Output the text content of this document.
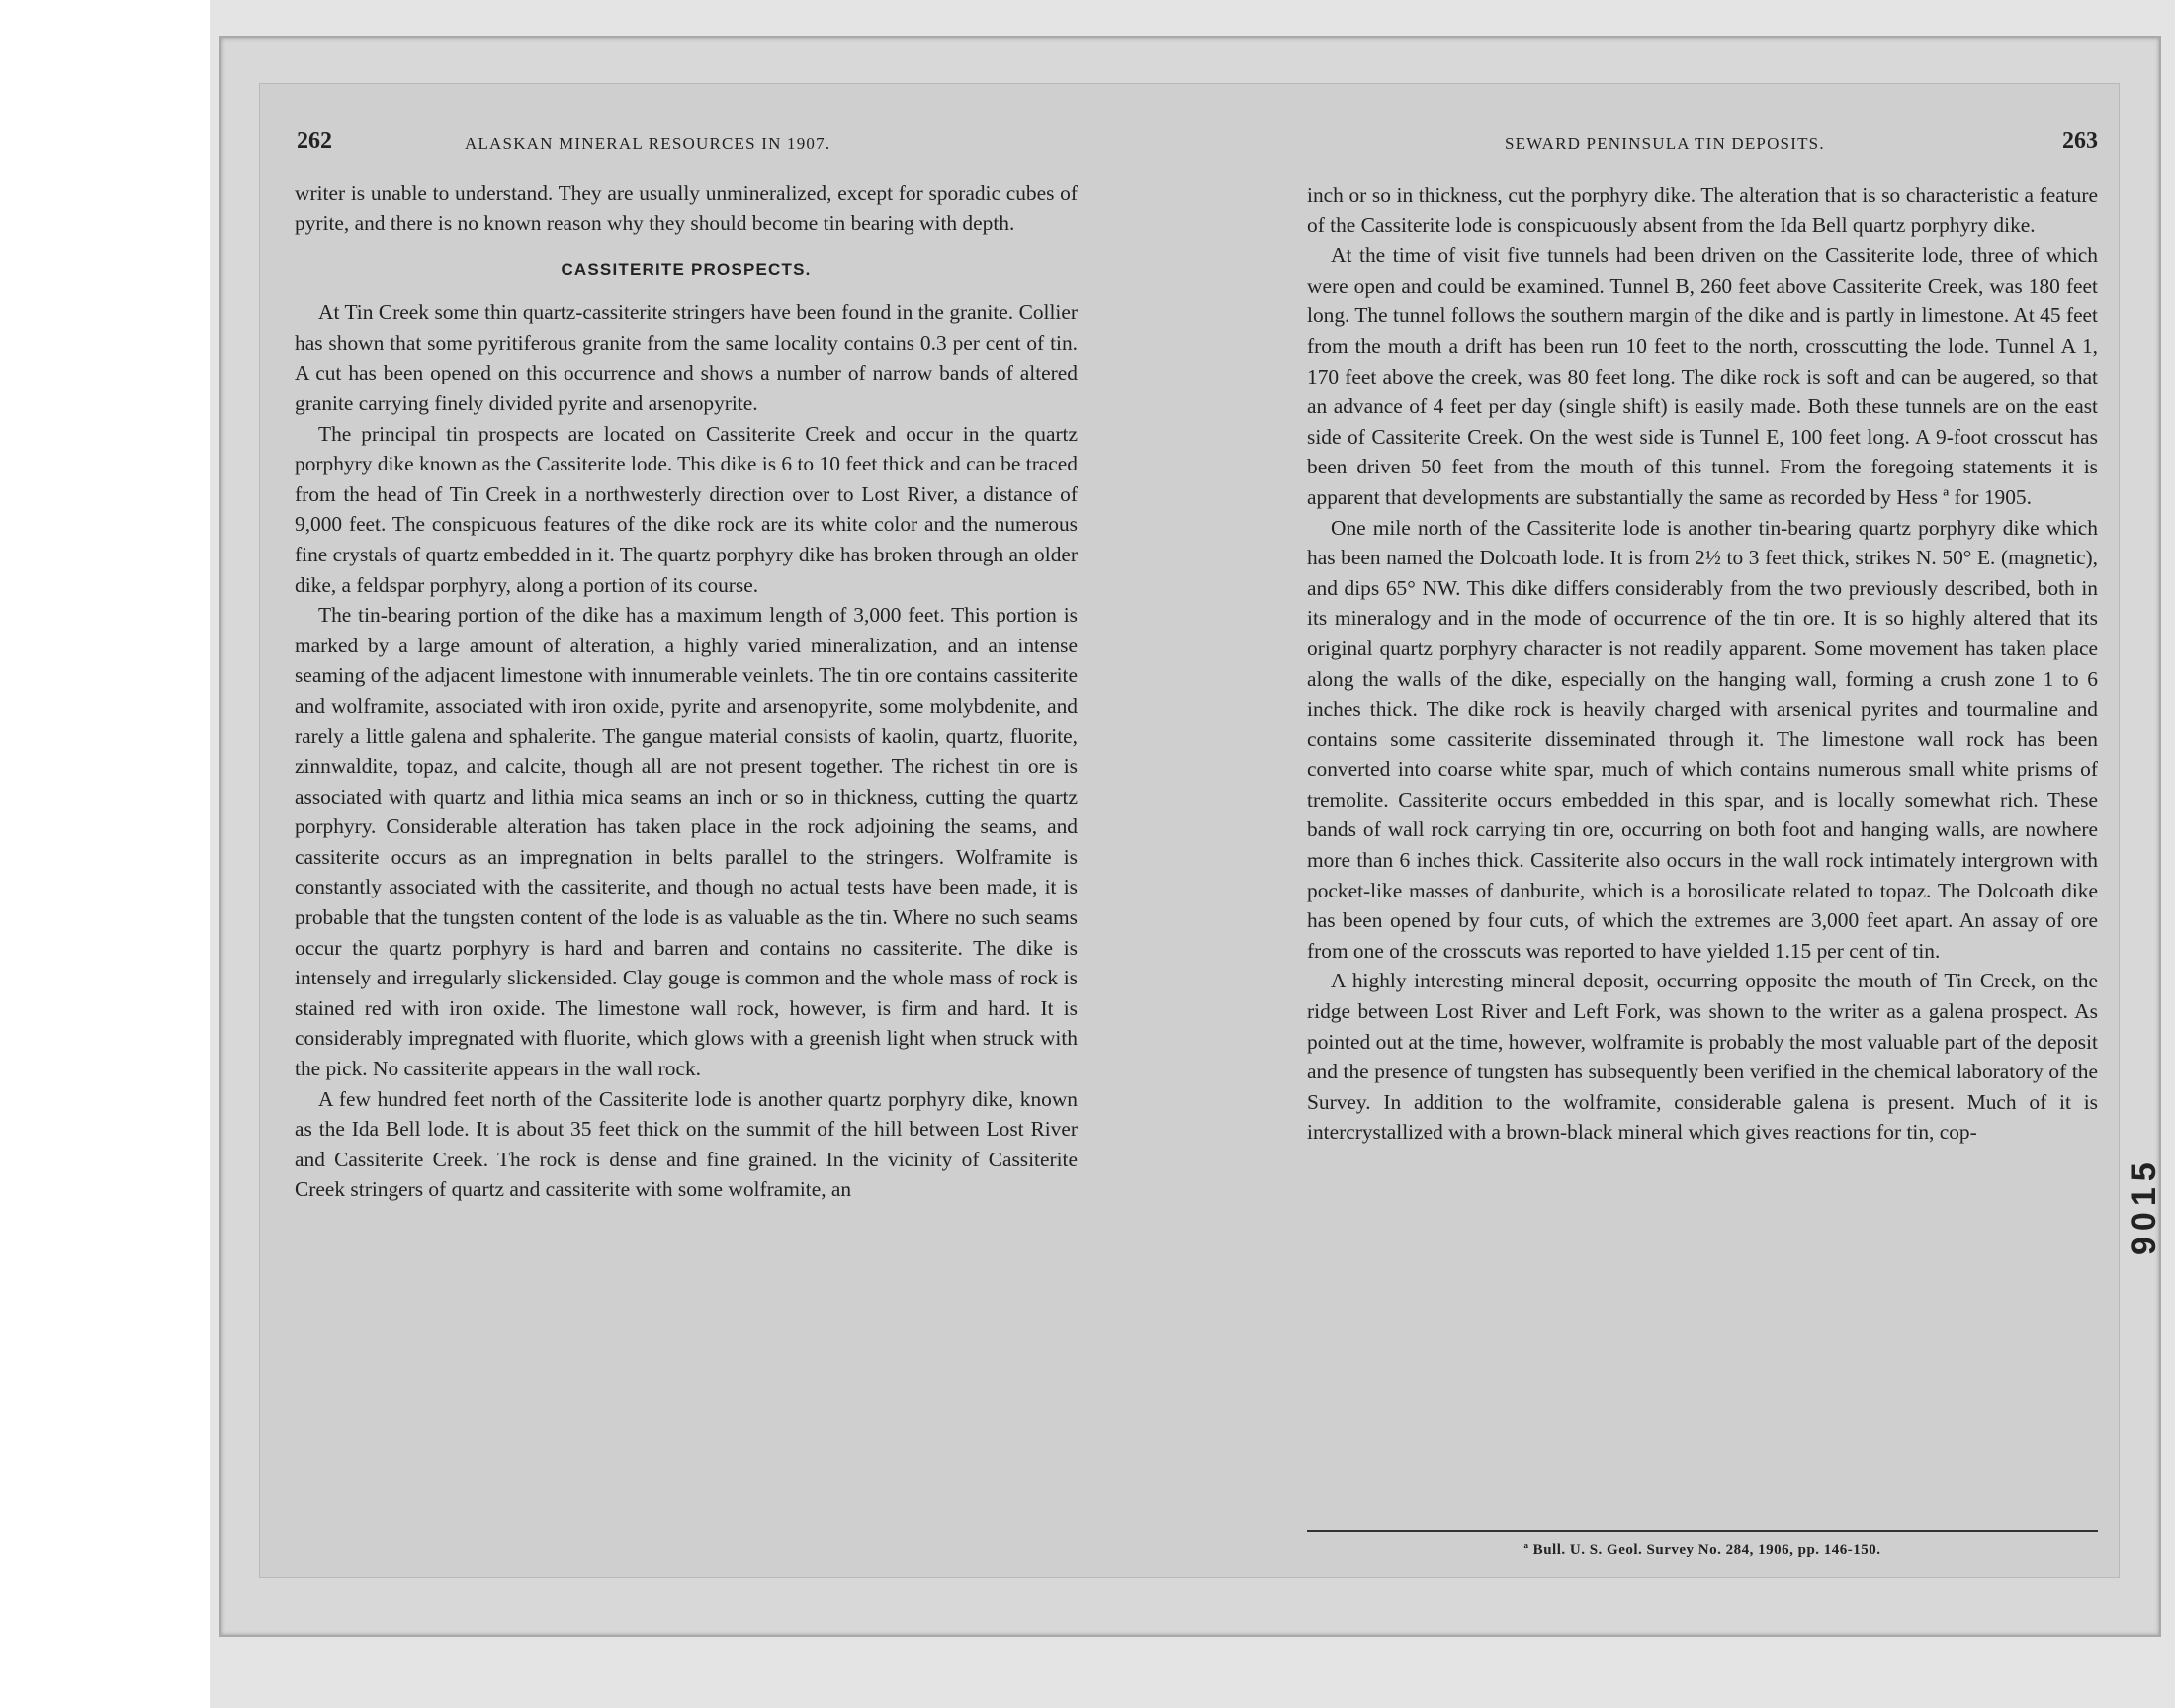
262	ALASKAN MINERAL RESOURCES IN 1907.	SEWARD PENINSULA TIN DEPOSITS.	263

writer is unable to understand. They are usually unmineralized, except for sporadic cubes of pyrite, and there is no known reason why they should become tin bearing with depth.

CASSITERITE PROSPECTS.

At Tin Creek some thin quartz-cassiterite stringers have been found in the granite. Collier has shown that some pyritiferous granite from the same locality contains 0.3 per cent of tin. A cut has been opened on this occurrence and shows a number of narrow bands of altered granite carrying finely divided pyrite and arsenopyrite.

The principal tin prospects are located on Cassiterite Creek and occur in the quartz porphyry dike known as the Cassiterite lode. This dike is 6 to 10 feet thick and can be traced from the head of Tin Creek in a northwesterly direction over to Lost River, a distance of 9,000 feet. The conspicuous features of the dike rock are its white color and the numerous fine crystals of quartz embedded in it. The quartz porphyry dike has broken through an older dike, a feldspar porphyry, along a portion of its course.

The tin-bearing portion of the dike has a maximum length of 3,000 feet. This portion is marked by a large amount of alteration, a highly varied mineralization, and an intense seaming of the adjacent limestone with innumerable veinlets. The tin ore contains cassiterite and wolframite, associated with iron oxide, pyrite and arsenopyrite, some molybdenite, and rarely a little galena and sphalerite. The gangue material consists of kaolin, quartz, fluorite, zinnwaldite, topaz, and calcite, though all are not present together. The richest tin ore is associated with quartz and lithia mica seams an inch or so in thickness, cutting the quartz porphyry. Considerable alteration has taken place in the rock adjoining the seams, and cassiterite occurs as an impregnation in belts parallel to the stringers. Wolframite is constantly associated with the cassiterite, and though no actual tests have been made, it is probable that the tungsten content of the lode is as valuable as the tin. Where no such seams occur the quartz porphyry is hard and barren and contains no cassiterite. The dike is intensely and irregularly slickensided. Clay gouge is common and the whole mass of rock is stained red with iron oxide. The limestone wall rock, however, is firm and hard. It is considerably impregnated with fluorite, which glows with a greenish light when struck with the pick. No cassiterite appears in the wall rock.

A few hundred feet north of the Cassiterite lode is another quartz porphyry dike, known as the Ida Bell lode. It is about 35 feet thick on the summit of the hill between Lost River and Cassiterite Creek. The rock is dense and fine grained. In the vicinity of Cassiterite Creek stringers of quartz and cassiterite with some wolframite, an

inch or so in thickness, cut the porphyry dike. The alteration that is so characteristic a feature of the Cassiterite lode is conspicuously absent from the Ida Bell quartz porphyry dike.

At the time of visit five tunnels had been driven on the Cassiterite lode, three of which were open and could be examined. Tunnel B, 260 feet above Cassiterite Creek, was 180 feet long. The tunnel follows the southern margin of the dike and is partly in limestone. At 45 feet from the mouth a drift has been run 10 feet to the north, crosscutting the lode. Tunnel A 1, 170 feet above the creek, was 80 feet long. The dike rock is soft and can be augered, so that an advance of 4 feet per day (single shift) is easily made. Both these tunnels are on the east side of Cassiterite Creek. On the west side is Tunnel E, 100 feet long. A 9-foot crosscut has been driven 50 feet from the mouth of this tunnel. From the foregoing statements it is apparent that developments are substantially the same as recorded by Hess ª for 1905.

One mile north of the Cassiterite lode is another tin-bearing quartz porphyry dike which has been named the Dolcoath lode. It is from 2½ to 3 feet thick, strikes N. 50° E. (magnetic), and dips 65° NW. This dike differs considerably from the two previously described, both in its mineralogy and in the mode of occurrence of the tin ore. It is so highly altered that its original quartz porphyry character is not readily apparent. Some movement has taken place along the walls of the dike, especially on the hanging wall, forming a crush zone 1 to 6 inches thick. The dike rock is heavily charged with arsenical pyrites and tourmaline and contains some cassiterite disseminated through it. The limestone wall rock has been converted into coarse white spar, much of which contains numerous small white prisms of tremolite. Cassiterite occurs embedded in this spar, and is locally somewhat rich. These bands of wall rock carrying tin ore, occurring on both foot and hanging walls, are nowhere more than 6 inches thick. Cassiterite also occurs in the wall rock intimately intergrown with pocket-like masses of danburite, which is a borosilicate related to topaz. The Dolcoath dike has been opened by four cuts, of which the extremes are 3,000 feet apart. An assay of ore from one of the crosscuts was reported to have yielded 1.15 per cent of tin.

A highly interesting mineral deposit, occurring opposite the mouth of Tin Creek, on the ridge between Lost River and Left Fork, was shown to the writer as a galena prospect. As pointed out at the time, however, wolframite is probably the most valuable part of the deposit and the presence of tungsten has subsequently been verified in the chemical laboratory of the Survey. In addition to the wolframite, considerable galena is present. Much of it is intercrystallized with a brown-black mineral which gives reactions for tin, cop-

ª Bull. U. S. Geol. Survey No. 284, 1906, pp. 146-150.
9015
